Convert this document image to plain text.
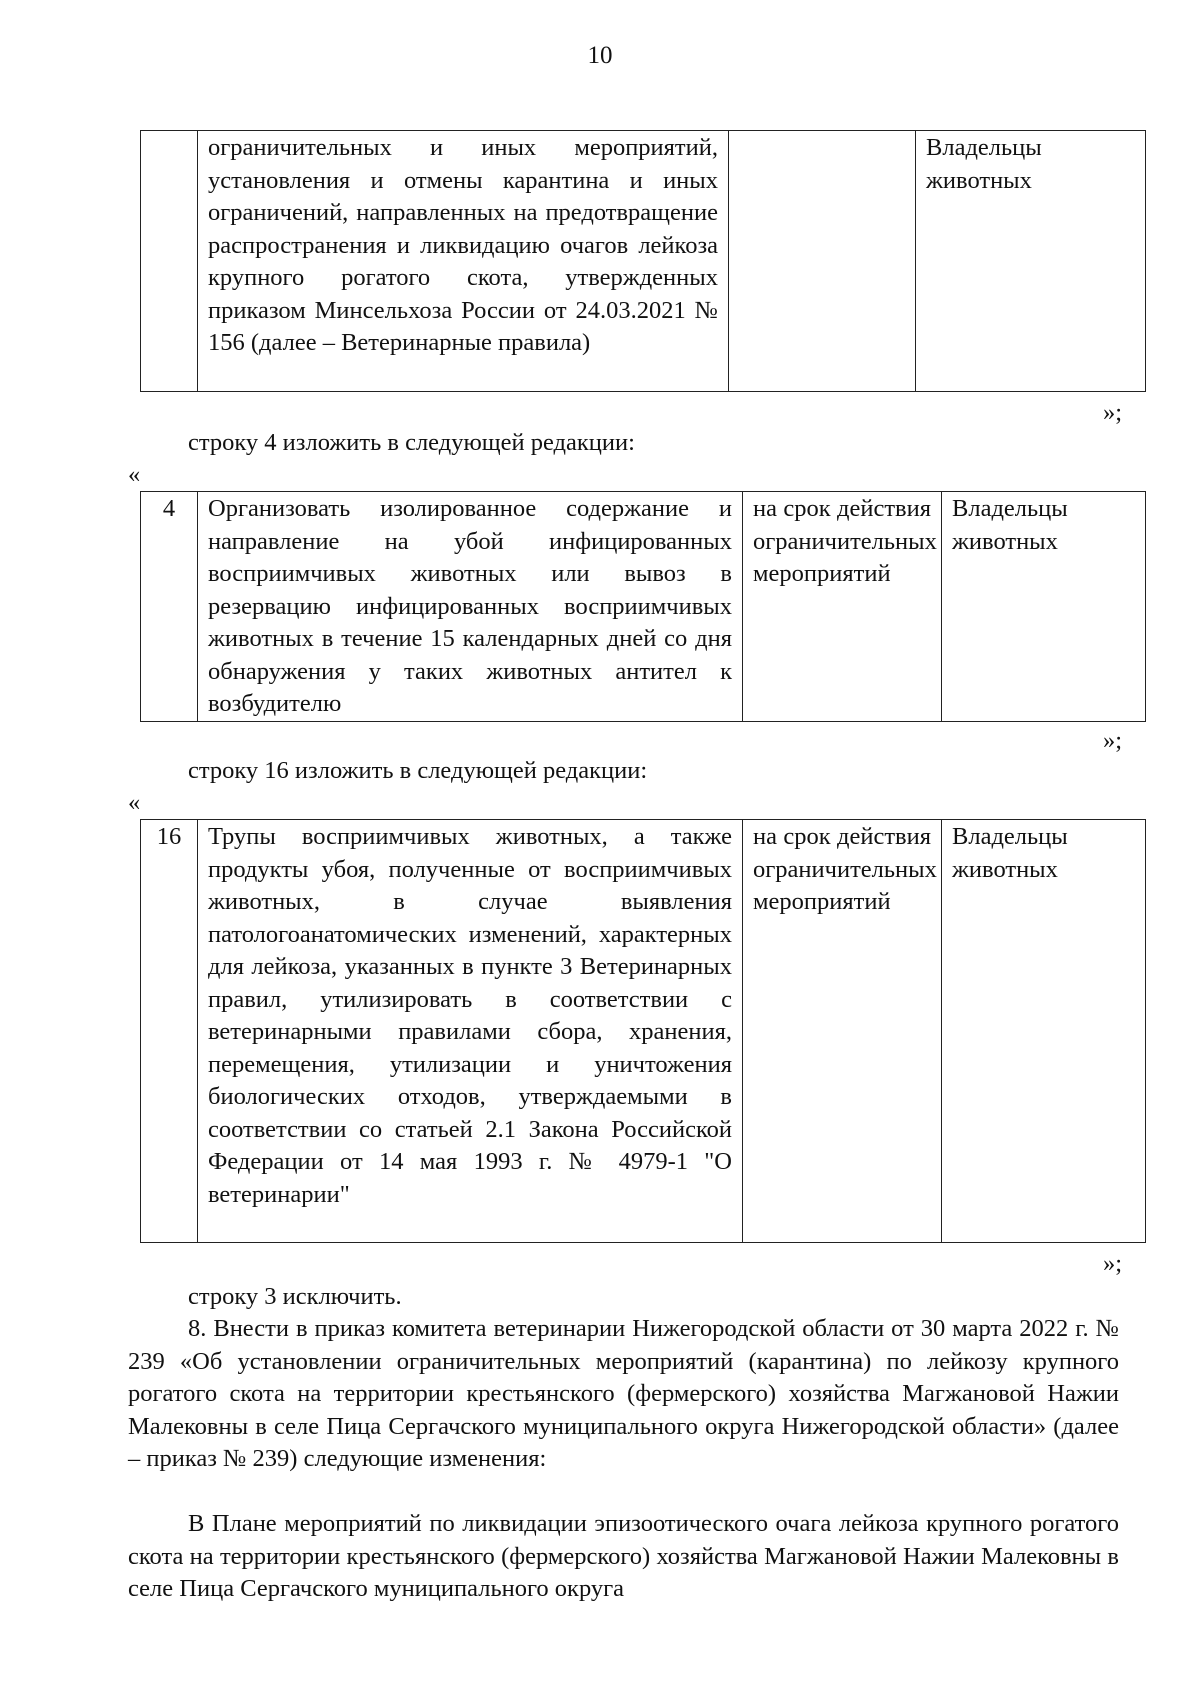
10
	ограничительных и иных мероприятий, установления и отмены карантина и иных ограничений, направленных на предотвращение распространения и ликвидацию очагов лейкоза крупного рогатого скота, утвержденных приказом Минсельхоза России от 24.03.2021 № 156 (далее – Ветеринарные правила)		Владельцы животных
»;
строку 4 изложить в следующей редакции:
«
4	Организовать изолированное содержание и направление на убой инфицированных восприимчивых животных или вывоз в резервацию инфицированных восприимчивых животных в течение 15 календарных дней со дня обнаружения у таких животных антител к возбудителю	на срок действия ограничительных мероприятий	Владельцы животных
»;
строку 16 изложить в следующей редакции:
«
16	Трупы восприимчивых животных, а также продукты убоя, полученные от восприимчивых животных, в случае выявления патологоанатомических изменений, характерных для лейкоза, указанных в пункте 3 Ветеринарных правил, утилизировать в соответствии с ветеринарными правилами сбора, хранения, перемещения, утилизации и уничтожения биологических отходов, утверждаемыми в соответствии со статьей 2.1 Закона Российской Федерации от 14 мая 1993 г. № 4979-1 "О ветеринарии"	на срок действия ограничительных мероприятий	Владельцы животных
»;
строку 3 исключить.
8. Внести в приказ комитета ветеринарии Нижегородской области от 30 марта 2022 г. № 239 «Об установлении ограничительных мероприятий (карантина) по лейкозу крупного рогатого скота на территории крестьянского (фермерского) хозяйства Магжановой Нажии Малековны в селе Пица Сергачского муниципального округа Нижегородской области» (далее – приказ № 239) следующие изменения:
В Плане мероприятий по ликвидации эпизоотического очага лейкоза крупного рогатого скота на территории крестьянского (фермерского) хозяйства Магжановой Нажии Малековны в селе Пица Сергачского муниципального округа
